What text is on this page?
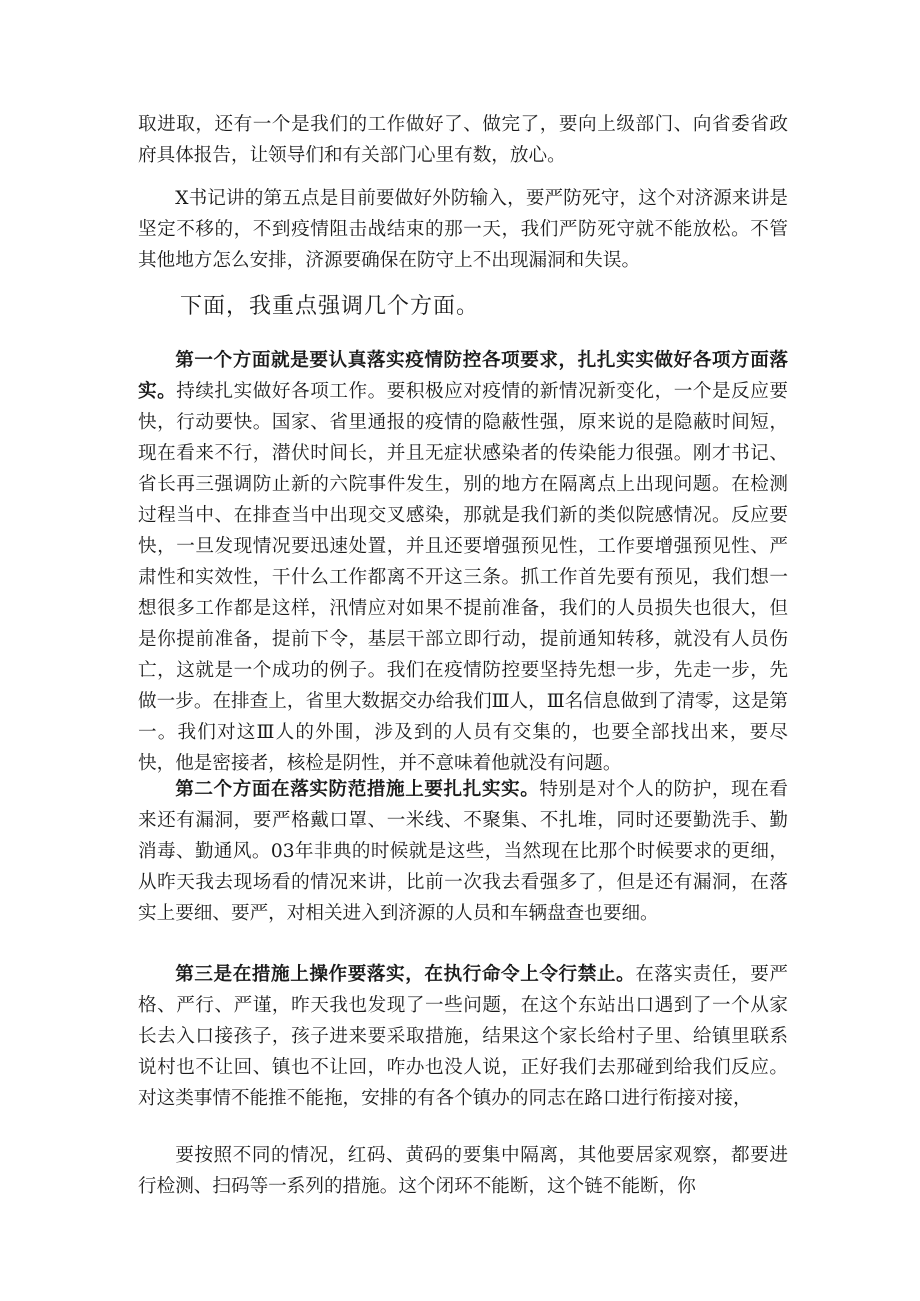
取进取，还有一个是我们的工作做好了、做完了，要向上级部门、向省委省政府具体报告，让领导们和有关部门心里有数，放心。

X书记讲的第五点是目前要做好外防输入，要严防死守，这个对济源来讲是坚定不移的，不到疫情阻击战结束的那一天，我们严防死守就不能放松。不管其他地方怎么安排，济源要确保在防守上不出现漏洞和失误。

下面，我重点强调几个方面。

第一个方面就是要认真落实疫情防控各项要求，扎扎实实做好各项方面落实。持续扎实做好各项工作。要积极应对疫情的新情况新变化，一个是反应要快，行动要快。国家、省里通报的疫情的隐蔽性强，原来说的是隐蔽时间短，现在看来不行，潜伏时间长，并且无症状感染者的传染能力很强。刚才书记、省长再三强调防止新的六院事件发生，别的地方在隔离点上出现问题。在检测过程当中、在排查当中出现交叉感染，那就是我们新的类似院感情况。反应要快，一旦发现情况要迅速处置，并且还要增强预见性，工作要增强预见性、严肃性和实效性，干什么工作都离不开这三条。抓工作首先要有预见，我们想一想很多工作都是这样，汛情应对如果不提前准备，我们的人员损失也很大，但是你提前准备，提前下令，基层干部立即行动，提前通知转移，就没有人员伤亡，这就是一个成功的例子。我们在疫情防控要坚持先想一步，先走一步，先做一步。在排查上，省里大数据交办给我们Ⅲ人，Ⅲ名信息做到了清零，这是第一。我们对这Ⅲ人的外围，涉及到的人员有交集的，也要全部找出来，要尽快，他是密接者，核检是阴性，并不意味着他就没有问题。

第二个方面在落实防范措施上要扎扎实实。特别是对个人的防护，现在看来还有漏洞，要严格戴口罩、一米线、不聚集、不扎堆，同时还要勤洗手、勤消毒、勤通风。03年非典的时候就是这些，当然现在比那个时候要求的更细，从昨天我去现场看的情况来讲，比前一次我去看强多了，但是还有漏洞，在落实上要细、要严，对相关进入到济源的人员和车辆盘查也要细。

第三是在措施上操作要落实，在执行命令上令行禁止。在落实责任，要严格、严行、严谨，昨天我也发现了一些问题，在这个东站出口遇到了一个从家长去入口接孩子，孩子进来要采取措施，结果这个家长给村子里、给镇里联系说村也不让回、镇也不让回，咋办也没人说，正好我们去那碰到给我们反应。对这类事情不能推不能拖，安排的有各个镇办的同志在路口进行衔接对接，

要按照不同的情况，红码、黄码的要集中隔离，其他要居家观察，都要进行检测、扫码等一系列的措施。这个闭环不能断，这个链不能断，你
